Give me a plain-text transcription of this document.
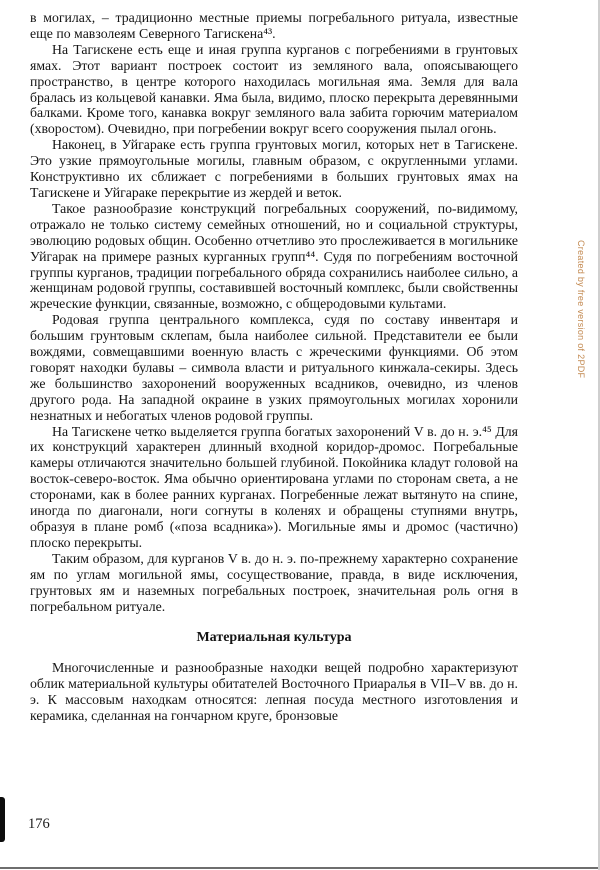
в могилах, – традиционно местные приемы погребального ритуала, известные еще по мавзолеям Северного Тагискена⁴³.

На Тагискене есть еще и иная группа курганов с погребениями в грунтовых ямах. Этот вариант построек состоит из земляного вала, опоясывающего пространство, в центре которого находилась могильная яма. Земля для вала бралась из кольцевой канавки. Яма была, видимо, плоско перекрыта деревянными балками. Кроме того, канавка вокруг земляного вала забита горючим материалом (хворостом). Очевидно, при погребении вокруг всего сооружения пылал огонь.

Наконец, в Уйгараке есть группа грунтовых могил, которых нет в Тагискене. Это узкие прямоугольные могилы, главным образом, с округленными углами. Конструктивно их сближает с погребениями в больших грунтовых ямах на Тагискене и Уйгараке перекрытие из жердей и веток.

Такое разнообразие конструкций погребальных сооружений, по-видимому, отражало не только систему семейных отношений, но и социальной структуры, эволюцию родовых общин. Особенно отчетливо это прослеживается в могильнике Уйгарак на примере разных курганных групп⁴⁴. Судя по погребениям восточной группы курганов, традиции погребального обряда сохранились наиболее сильно, а женщинам родовой группы, составившей восточный комплекс, были свойственны жреческие функции, связанные, возможно, с общеродовыми культами.

Родовая группа центрального комплекса, судя по составу инвентаря и большим грунтовым склепам, была наиболее сильной. Представители ее были вождями, совмещавшими военную власть с жреческими функциями. Об этом говорят находки булавы – символа власти и ритуального кинжала-секиры. Здесь же большинство захоронений вооруженных всадников, очевидно, из членов другого рода. На западной окраине в узких прямоугольных могилах хоронили незнатных и небогатых членов родовой группы.

На Тагискене четко выделяется группа богатых захоронений V в. до н. э.⁴⁵ Для их конструкций характерен длинный входной коридор-дромос. Погребальные камеры отличаются значительно большей глубиной. Покойника кладут головой на восток-северо-восток. Яма обычно ориентирована углами по сторонам света, а не сторонами, как в более ранних курганах. Погребенные лежат вытянуто на спине, иногда по диагонали, ноги согнуты в коленях и обращены ступнями внутрь, образуя в плане ромб («поза всадника»). Могильные ямы и дромос (частично) плоско перекрыты.

Таким образом, для курганов V в. до н. э. по-прежнему характерно сохранение ям по углам могильной ямы, сосуществование, правда, в виде исключения, грунтовых ям и наземных погребальных построек, значительная роль огня в погребальном ритуале.

Материальная культура

Многочисленные и разнообразные находки вещей подробно характеризуют облик материальной культуры обитателей Восточного Приаралья в VII–V вв. до н. э. К массовым находкам относятся: лепная посуда местного изготовления и керамика, сделанная на гончарном круге, бронзовые

176
Created by free version of 2PDF
